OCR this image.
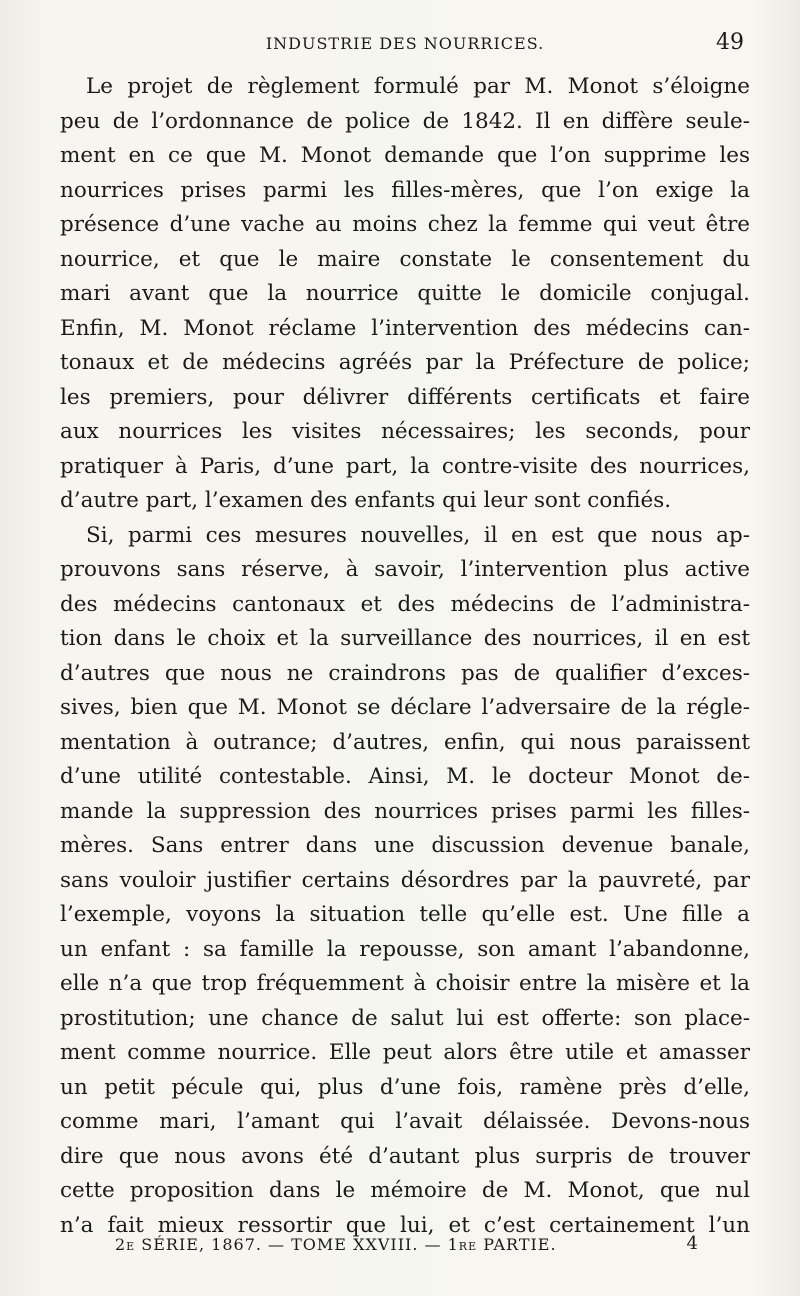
INDUSTRIE DES NOURRICES.	49
Le projet de règlement formulé par M. Monot s’éloigne
peu de l’ordonnance de police de 1842. Il en diffère seule-
ment en ce que M. Monot demande que l’on supprime les
nourrices prises parmi les filles-mères, que l’on exige la
présence d’une vache au moins chez la femme qui veut être
nourrice, et que le maire constate le consentement du
mari avant que la nourrice quitte le domicile conjugal.
Enfin, M. Monot réclame l’intervention des médecins can-
tonaux et de médecins agréés par la Préfecture de police;
les premiers, pour délivrer différents certificats et faire
aux nourrices les visites nécessaires; les seconds, pour
pratiquer à Paris, d’une part, la contre-visite des nourrices,
d’autre part, l’examen des enfants qui leur sont confiés.
Si, parmi ces mesures nouvelles, il en est que nous ap-
prouvons sans réserve, à savoir, l’intervention plus active
des médecins cantonaux et des médecins de l’administra-
tion dans le choix et la surveillance des nourrices, il en est
d’autres que nous ne craindrons pas de qualifier d’exces-
sives, bien que M. Monot se déclare l’adversaire de la régle-
mentation à outrance; d’autres, enfin, qui nous paraissent
d’une utilité contestable. Ainsi, M. le docteur Monot de-
mande la suppression des nourrices prises parmi les filles-
mères. Sans entrer dans une discussion devenue banale,
sans vouloir justifier certains désordres par la pauvreté, par
l’exemple, voyons la situation telle qu’elle est. Une fille a
un enfant : sa famille la repousse, son amant l’abandonne,
elle n’a que trop fréquemment à choisir entre la misère et la
prostitution; une chance de salut lui est offerte: son place-
ment comme nourrice. Elle peut alors être utile et amasser
un petit pécule qui, plus d’une fois, ramène près d’elle,
comme mari, l’amant qui l’avait délaissée. Devons-nous
dire que nous avons été d’autant plus surpris de trouver
cette proposition dans le mémoire de M. Monot, que nul
n’a fait mieux ressortir que lui, et c’est certainement l’un
2e SÉRIE, 1867. — TOME XXVIII. — 1re PARTIE.	4
